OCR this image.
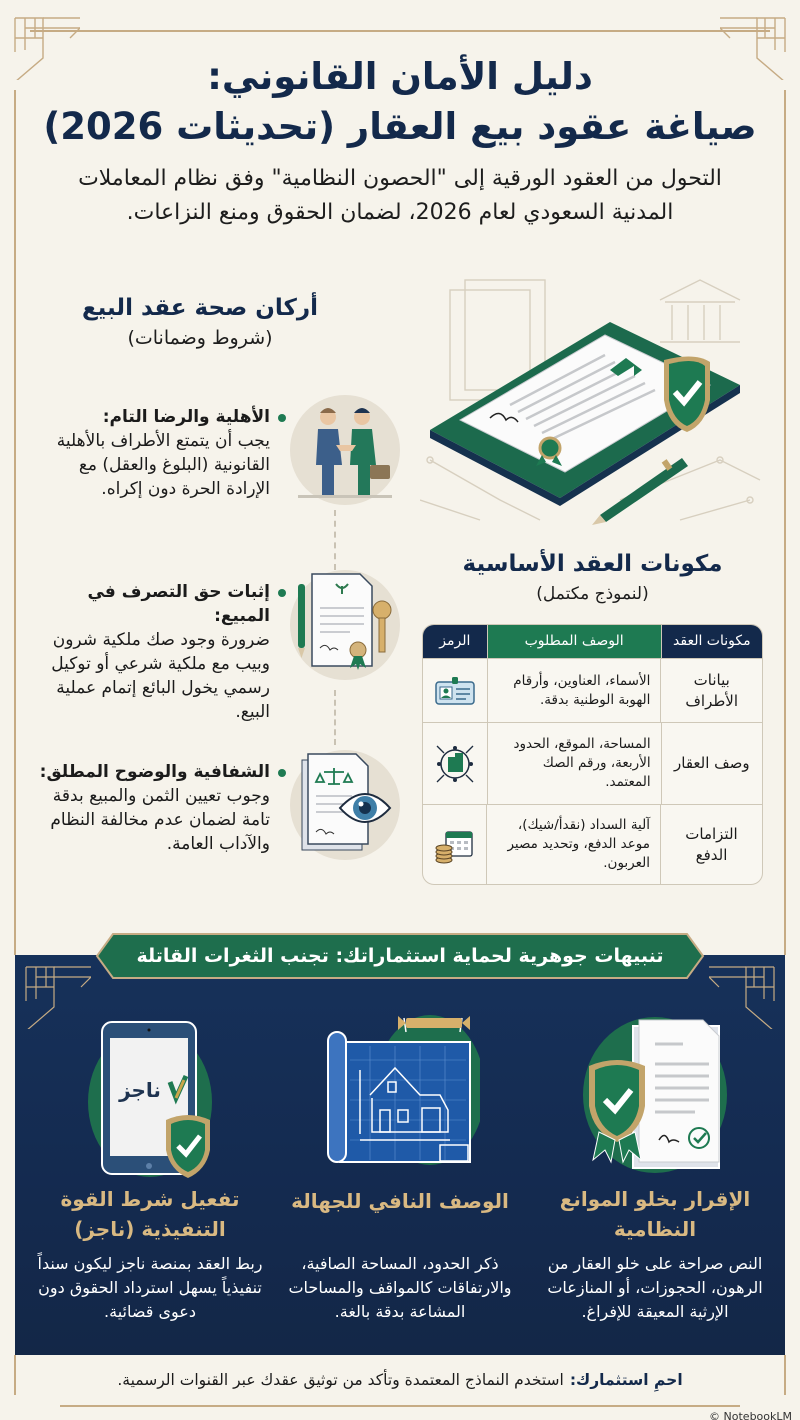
دليل الأمان القانوني:
صياغة عقود بيع العقار (تحديثات 2026)
التحول من العقود الورقية إلى "الحصون النظامية" وفق نظام المعاملات
المدنية السعودي لعام 2026، لضمان الحقوق ومنع النزاعات.
أركان صحة عقد البيع
(شروط وضمانات)
الأهلية والرضا التام:
يجب أن يتمتع الأطراف بالأهلية القانونية (البلوغ والعقل) مع الإرادة الحرة دون إكراه.
إثبات حق التصرف في المبيع:
ضرورة وجود صك ملكية شرون وبيب مع ملكية شرعي أو توكيل رسمي يخول البائع إتمام عملية البيع.
الشفافية والوضوح المطلق:
وجوب تعيين الثمن والمبيع بدقة تامة لضمان عدم مخالفة النظام والآداب العامة.
مكونات العقد الأساسية
(لنموذج مكتمل)
مكونات العقد
الوصف المطلوب
الرمز
بيانات الأطراف
الأسماء، العناوين، وأرقام الهوبة الوطنية بدقة.
وصف العقار
المساحة، الموقع، الحدود الأربعة، ورقم الصك المعتمد.
التزامات الدفع
آلية السداد (نقدأ/شيك)، موعد الدفع، وتحديد مصير العربون.
تنبيهات جوهرية لحماية استثماراتك: تجنب الثغرات القاتلة
الإقرار بخلو الموانع النظامية
النص صراحة على خلو العقار من الرهون، الحجوزات، أو المنازعات الإرثية المعيقة للإفراغ.
الوصف النافي للجهالة
ذكر الحدود، المساحة الصافية، والارتفاقات كالمواقف والمساحات المشاعة بدقة بالغة.
ناجز
تفعيل شرط القوة التنفيذية (ناجز)
ربط العقد بمنصة ناجز ليكون سنداً تنفيذياً يسهل استرداد الحقوق دون دعوى قضائية.
احمِ استثمارك:
استخدم النماذج المعتمدة وتأكد من توثيق عقدك عبر القنوات الرسمية.
© NotebookLM
